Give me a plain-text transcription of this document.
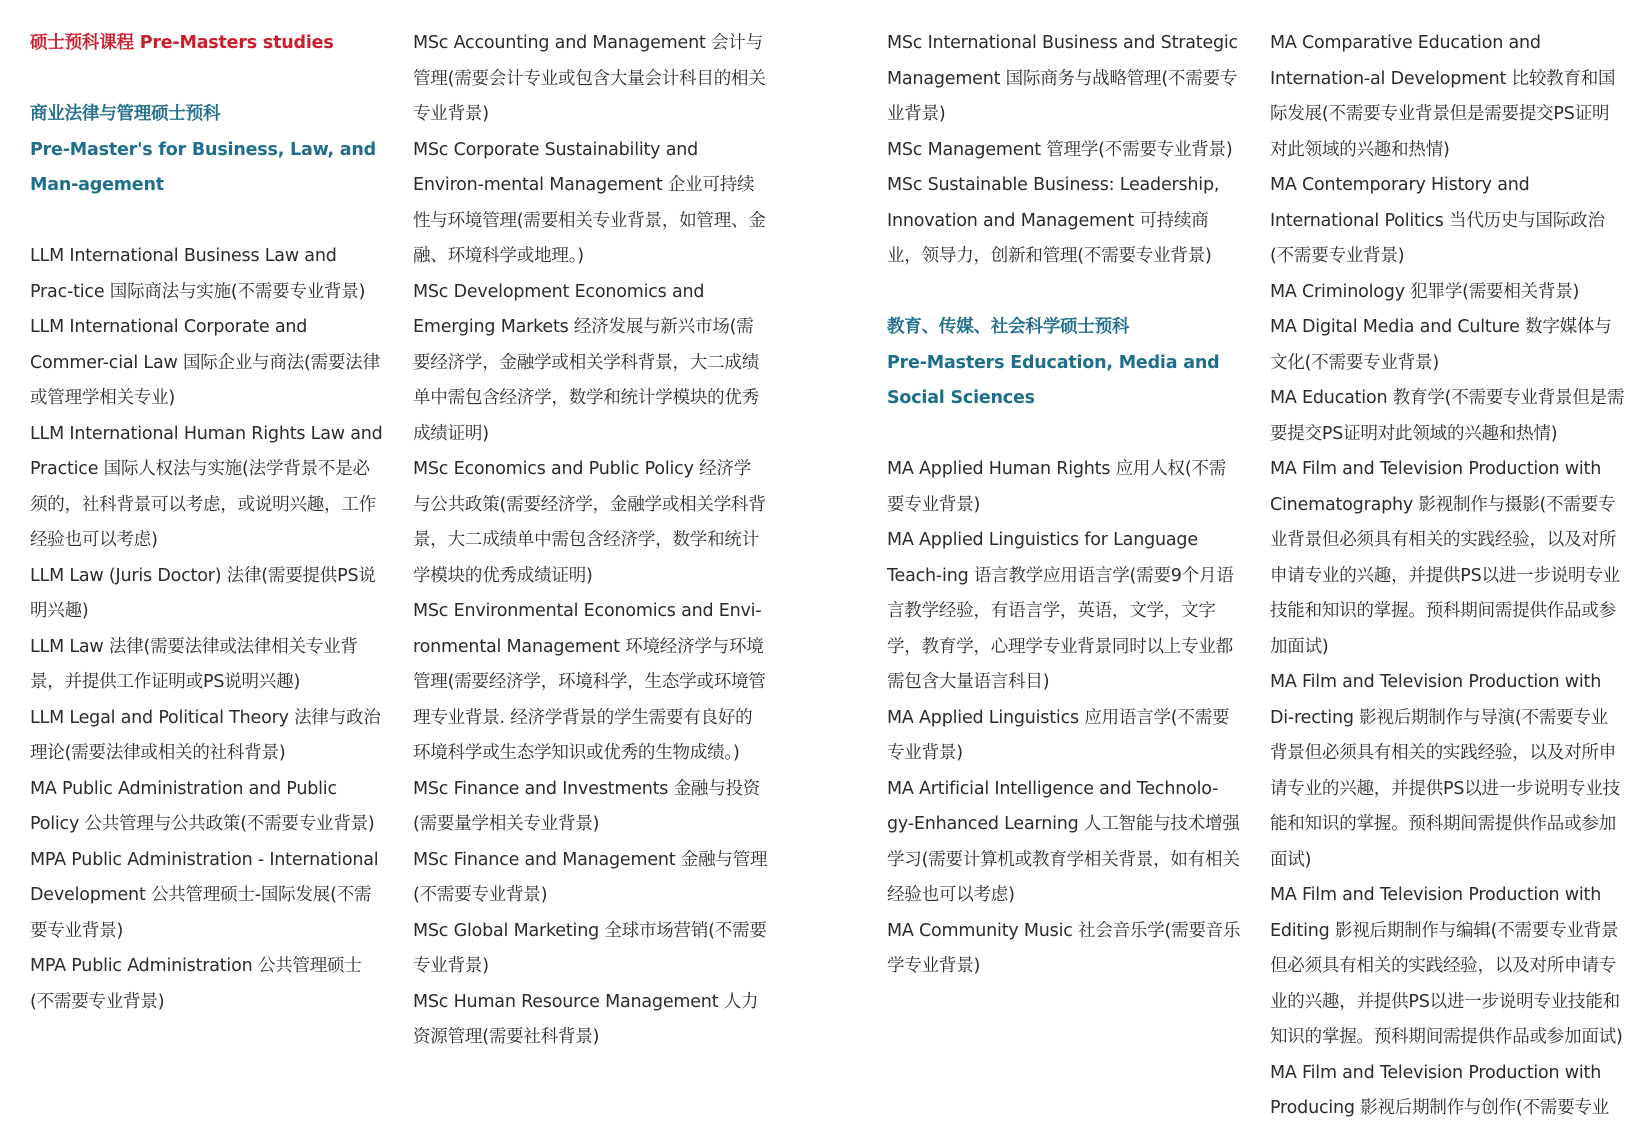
硕士预科课程 Pre-Masters studies
商业法律与管理硕士预科
Pre-Master's for Business, Law, and Man-agement
LLM International Business Law and Prac-tice 国际商法与实施(不需要专业背景)
LLM International Corporate and Commer-cial Law 国际企业与商法(需要法律或管理学相关专业)
LLM International Human Rights Law and Practice 国际人权法与实施(法学背景不是必须的，社科背景可以考虑，或说明兴趣，工作经验也可以考虑)
LLM Law (Juris Doctor) 法律(需要提供PS说明兴趣)
LLM Law 法律(需要法律或法律相关专业背景，并提供工作证明或PS说明兴趣)
LLM Legal and Political Theory 法律与政治理论(需要法律或相关的社科背景)
MA Public Administration and Public Policy 公共管理与公共政策(不需要专业背景)
MPA Public Administration - International Development 公共管理硕士-国际发展(不需要专业背景)
MPA Public Administration 公共管理硕士(不需要专业背景)
MSc Accounting and Management 会计与管理(需要会计专业或包含大量会计科目的相关专业背景)
MSc Corporate Sustainability and Environ-mental Management 企业可持续性与环境管理(需要相关专业背景，如管理、金融、环境科学或地理。)
MSc Development Economics and Emerging Markets 经济发展与新兴市场(需要经济学，金融学或相关学科背景，大二成绩单中需包含经济学，数学和统计学模块的优秀成绩证明)
MSc Economics and Public Policy 经济学与公共政策(需要经济学，金融学或相关学科背景，大二成绩单中需包含经济学，数学和统计学模块的优秀成绩证明)
MSc Environmental Economics and Envi-ronmental Management 环境经济学与环境管理(需要经济学，环境科学，生态学或环境管理专业背景. 经济学背景的学生需要有良好的环境科学或生态学知识或优秀的生物成绩。)
MSc Finance and Investments 金融与投资(需要量学相关专业背景)
MSc Finance and Management 金融与管理(不需要专业背景)
MSc Global Marketing 全球市场营销(不需要专业背景)
MSc Human Resource Management 人力资源管理(需要社科背景)
MSc International Business and Strategic Management 国际商务与战略管理(不需要专业背景)
MSc Management 管理学(不需要专业背景)
MSc Sustainable Business: Leadership, Innovation and Management 可持续商业，领导力，创新和管理(不需要专业背景)
教育、传媒、社会科学硕士预科
Pre-Masters Education, Media and Social Sciences
MA Applied Human Rights 应用人权(不需要专业背景)
MA Applied Linguistics for Language Teach-ing 语言教学应用语言学(需要9个月语言教学经验，有语言学，英语，文学，文字学，教育学，心理学专业背景同时以上专业都需包含大量语言科目)
MA Applied Linguistics 应用语言学(不需要专业背景)
MA Artificial Intelligence and Technolo-gy-Enhanced Learning 人工智能与技术增强学习(需要计算机或教育学相关背景，如有相关经验也可以考虑)
MA Community Music 社会音乐学(需要音乐学专业背景)
MA Comparative Education and Internation-al Development 比较教育和国际发展(不需要专业背景但是需要提交PS证明对此领域的兴趣和热情)
MA Contemporary History and International Politics 当代历史与国际政治(不需要专业背景)
MA Criminology 犯罪学(需要相关背景)
MA Digital Media and Culture 数字媒体与文化(不需要专业背景)
MA Education 教育学(不需要专业背景但是需要提交PS证明对此领域的兴趣和热情)
MA Film and Television Production with Cinematography 影视制作与摄影(不需要专业背景但必须具有相关的实践经验，以及对所申请专业的兴趣，并提供PS以进一步说明专业技能和知识的掌握。预科期间需提供作品或参加面试)
MA Film and Television Production with Di-recting 影视后期制作与导演(不需要专业背景但必须具有相关的实践经验，以及对所申请专业的兴趣，并提供PS以进一步说明专业技能和知识的掌握。预科期间需提供作品或参加面试)
MA Film and Television Production with Editing 影视后期制作与编辑(不需要专业背景但必须具有相关的实践经验，以及对所申请专业的兴趣，并提供PS以进一步说明专业技能和知识的掌握。预科期间需提供作品或参加面试)
MA Film and Television Production with Producing 影视后期制作与创作(不需要专业
